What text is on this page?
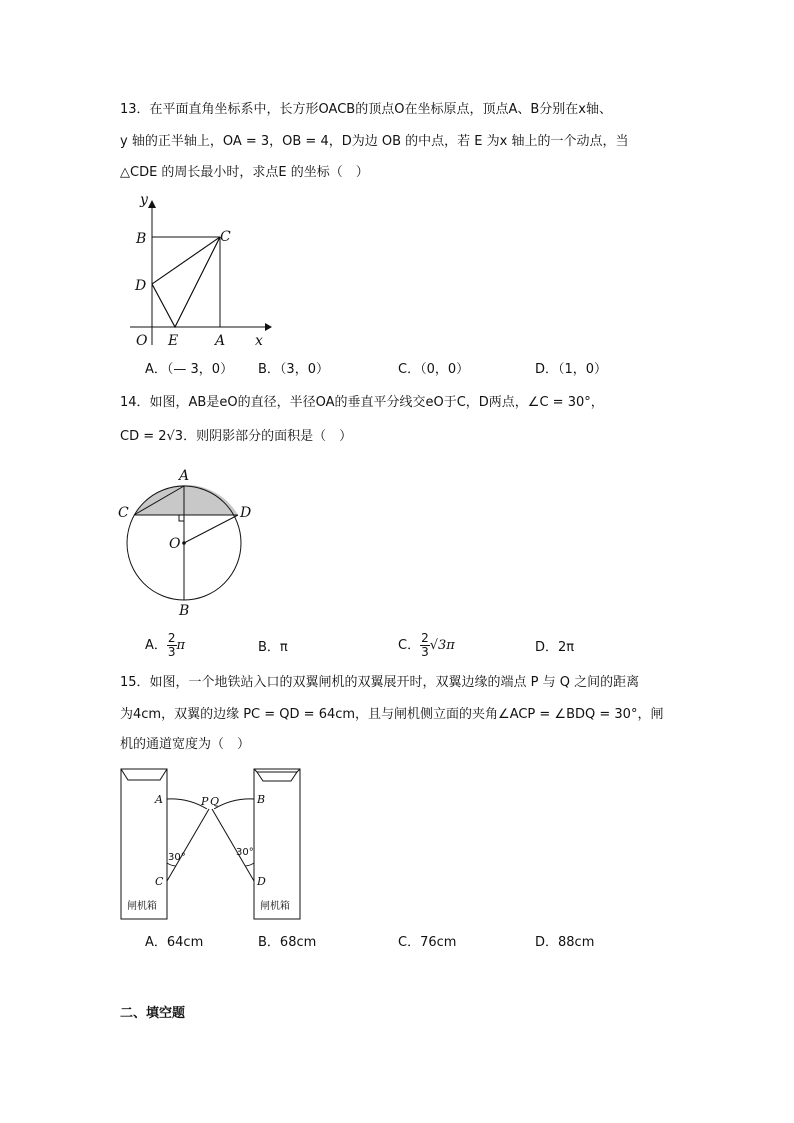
13．在平面直角坐标系中，长方形OACB的顶点O在坐标原点，顶点A、B分别在x轴、
y 轴的正半轴上，OA = 3，OB = 4，D为边 OB 的中点，若 E 为x 轴上的一个动点，当
△CDE 的周长最小时，求点E 的坐标（　）
y
x
O	A
B	C
D
E
A．（— 3，0） B．（3，0）	C．（0，0）	D．（1，0）
14．如图，AB是eO的直径，半径OA的垂直平分线交eO于C，D两点，∠C = 30°，
CD = 2√3．则阴影部分的面积是（　）
A
C	D
O
B
A． $\frac{2}{3}$ π	B．π	C． $\frac{2}{3} √3\pi$	D．2π
15．如图，一个地铁站入口的双翼闸机的双翼展开时，双翼边缘的端点 P 与 Q 之间的距离
为4cm，双翼的边缘 PC = QD = 64cm，且与闸机侧立面的夹角∠ACP = ∠BDQ = 30°，闸
机的通道宽度为（　）
A	P Q	B
C	D
30°	30°
闸机箱	闸机箱
A．64cm	B．68cm	C．76cm	D．88cm
二、填空题
